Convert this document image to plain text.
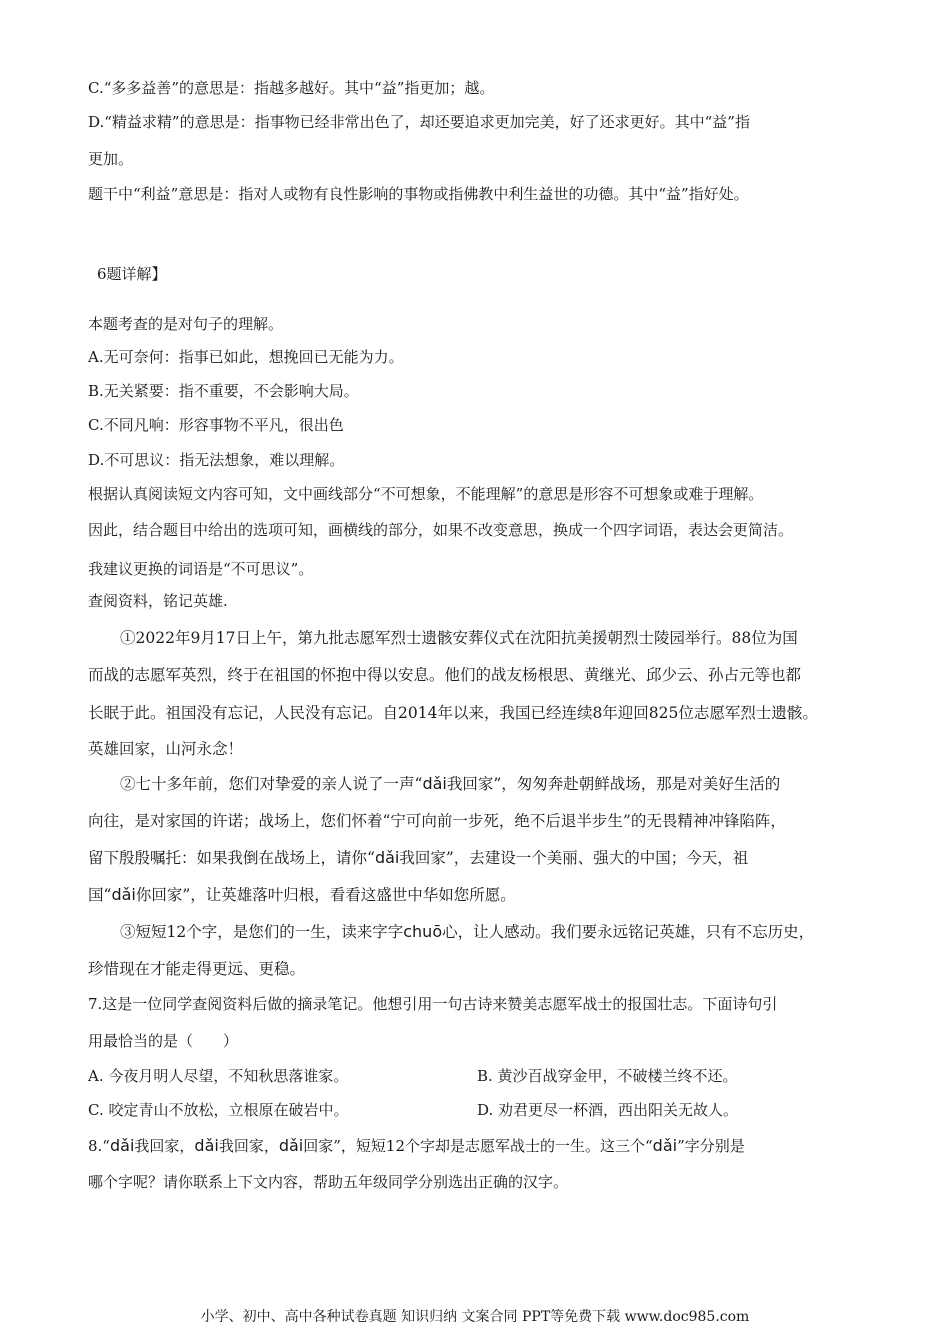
C.“多多益善”的意思是：指越多越好。其中“益”指更加；越。
D.“精益求精”的意思是：指事物已经非常出色了，却还要追求更加完美，好了还求更好。其中“益”指
更加。
题干中“利益”意思是：指对人或物有良性影响的事物或指佛教中利生益世的功德。其中“益”指好处。
6题详解】
本题考查的是对句子的理解。
A.无可奈何：指事已如此，想挽回已无能为力。
B.无关紧要：指不重要，不会影响大局。
C.不同凡响：形容事物不平凡，很出色
D.不可思议：指无法想象，难以理解。
根据认真阅读短文内容可知，文中画线部分“不可想象，不能理解”的意思是形容不可想象或难于理解。
因此，结合题目中给出的选项可知，画横线的部分，如果不改变意思，换成一个四字词语，表达会更简洁。
我建议更换的词语是“不可思议”。
查阅资料，铭记英雄.
①2022年9月17日上午，第九批志愿军烈士遗骸安葬仪式在沈阳抗美援朝烈士陵园举行。88位为国
而战的志愿军英烈，终于在祖国的怀抱中得以安息。他们的战友杨根思、黄继光、邱少云、孙占元等也都
长眠于此。祖国没有忘记，人民没有忘记。自2014年以来，我国已经连续8年迎回825位志愿军烈士遗骸。
英雄回家，山河永念！
②七十多年前，您们对挚爱的亲人说了一声“dǎi我回家”，匆匆奔赴朝鲜战场，那是对美好生活的
向往，是对家国的许诺；战场上，您们怀着“宁可向前一步死，绝不后退半步生”的无畏精神冲锋陷阵，
留下殷殷嘱托：如果我倒在战场上，请你“dǎi我回家”，去建设一个美丽、强大的中国；今天，祖
国“dǎi你回家”，让英雄落叶归根，看看这盛世中华如您所愿。
③短短12个字，是您们的一生，读来字字chuō心，让人感动。我们要永远铭记英雄，只有不忘历史，
珍惜现在才能走得更远、更稳。
7.这是一位同学查阅资料后做的摘录笔记。他想引用一句古诗来赞美志愿军战士的报国壮志。下面诗句引
用最恰当的是（　　）
A. 今夜月明人尽望，不知秋思落谁家。	B. 黄沙百战穿金甲，不破楼兰终不还。
C. 咬定青山不放松，立根原在破岩中。	D. 劝君更尽一杯酒，西出阳关无故人。
8.“dǎi我回家，dǎi我回家，dǎi回家”，短短12个字却是志愿军战士的一生。这三个“dǎi”字分别是
哪个字呢？请你联系上下文内容，帮助五年级同学分别选出正确的汉字。
小学、初中、高中各种试卷真题 知识归纳 文案合同 PPT等免费下载 www.doc985.com
